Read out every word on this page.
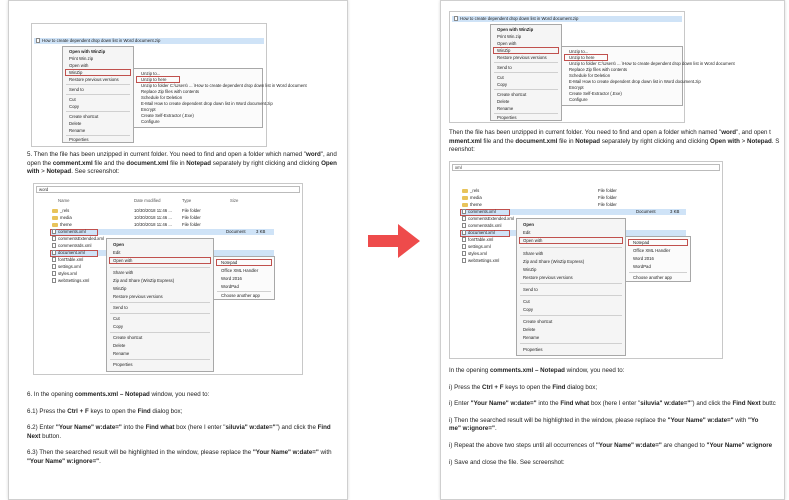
How to create dependent drop down list in Word document.zip
Open with WinZip
Print Win.zip
Open with
WinZip
Restore previous versions
Send to
Cut
Copy
Create shortcut
Delete
Rename
Properties
Unzip to...
Unzip to here
Unzip to folder C:\Users\ ... \How to create dependent drop down list in Word document
Replace Zip files with contents
Schedule for Deletion
E-Mail How to create dependent drop down list in Word document.zip
Encrypt
Create Self-Extractor (.Exe)
Configure
5. Then the file has been unzipped in current folder. You need to find and open a folder which named "word", and open the comment.xml file and the document.xml file in Notepad separately by right clicking and clicking Open with > Notepad. See screenshot:
word
Name	Date modified	Type	Size
_rels	10/30/2018 11:46 ... File folder
media	10/30/2018 11:46 ... File folder
theme	10/30/2018 11:46 ... File folder
comments.xml	Document 3 KB
commentsExtended.xml
commentsIds.xml
document.xml
fontTable.xml
settings.xml
styles.xml
webSettings.xml
Open
Edit
Open with
Share with
Zip and Share (WinZip Express)
WinZip
Restore previous versions
Send to
Cut
Copy
Create shortcut
Delete
Rename
Properties
Notepad
Office XML Handler
Word 2016
WordPad
Choose another app
6. In the opening comments.xml – Notepad window, you need to:
6.1) Press the Ctrl + F keys to open the Find dialog box;
6.2) Enter "Your Name" w:date=" into the Find what box (here I enter "siluvia" w:date="") and click the Find Next button.
6.3) Then the searched result will be highlighted in the window, please replace the "Your Name" w:date=" with "Your Name" w:ignore=".
How to create dependent drop down list in Word document.zip
Open with WinZip
Print Win.zip
Open with
WinZip
Restore previous versions
Send to
Cut
Copy
Create shortcut
Delete
Rename
Properties
Unzip to...
Unzip to here
Unzip to folder C:\Users\ ... \How to create dependent drop down list in Word document
Replace Zip files with contents
Schedule for Deletion
E-Mail How to create dependent drop down list in Word document.zip
Encrypt
Create Self-Extractor (.Exe)
Configure
Then the file has been unzipped in current folder. You need to find and open a folder which named "word", and open t
mment.xml file and the document.xml file in Notepad separately by right clicking and clicking Open with > Notepad. S
reenshot:
xml
_rels	File folder
media	File folder
theme	File folder
comments.xml	Document	3 KB
commentsExtended.xml
commentsIds.xml
document.xml
fontTable.xml
settings.xml
styles.xml
webSettings.xml
Open
Edit
Open with
Share with
Zip and Share (WinZip Express)
WinZip
Restore previous versions
Send to
Cut
Copy
Create shortcut
Delete
Rename
Properties
Notepad
Office XML Handler
Word 2016
WordPad
Choose another app
In the opening comments.xml – Notepad window, you need to:
i) Press the Ctrl + F keys to open the Find dialog box;
i) Enter "Your Name" w:date=" into the Find what box (here I enter "siluvia" w:date="") and click the Find Next buttc
i) Then the searched result will be highlighted in the window, please replace the "Your Name" w:date=" with "Yo
me" w:ignore=".
i) Repeat the above two steps until all occurrences of "Your Name" w:date=" are changed to "Your Name" w:ignore
i) Save and close the file. See screenshot:
